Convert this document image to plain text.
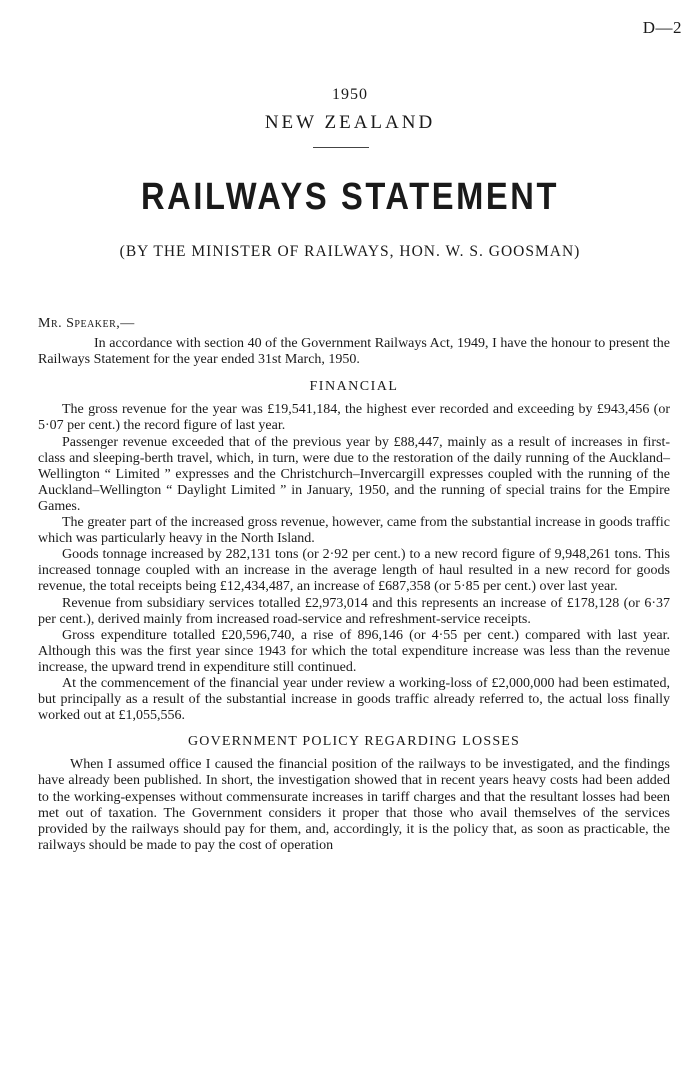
D—2
1950
NEW ZEALAND
RAILWAYS STATEMENT
(BY THE MINISTER OF RAILWAYS, HON. W. S. GOOSMAN)

Mr. Speaker,—

In accordance with section 40 of the Government Railways Act, 1949, I have the honour to present the Railways Statement for the year ended 31st March, 1950.

FINANCIAL

The gross revenue for the year was £19,541,184, the highest ever recorded and exceeding by £943,456 (or 5·07 per cent.) the record figure of last year.

Passenger revenue exceeded that of the previous year by £88,447, mainly as a result of increases in first-class and sleeping-berth travel, which, in turn, were due to the restoration of the daily running of the Auckland–Wellington “ Limited ” expresses and the Christchurch–Invercargill expresses coupled with the running of the Auckland–Wellington “ Daylight Limited ” in January, 1950, and the running of special trains for the Empire Games.

The greater part of the increased gross revenue, however, came from the substantial increase in goods traffic which was particularly heavy in the North Island.

Goods tonnage increased by 282,131 tons (or 2·92 per cent.) to a new record figure of 9,948,261 tons. This increased tonnage coupled with an increase in the average length of haul resulted in a new record for goods revenue, the total receipts being £12,434,487, an increase of £687,358 (or 5·85 per cent.) over last year.

Revenue from subsidiary services totalled £2,973,014 and this represents an increase of £178,128 (or 6·37 per cent.), derived mainly from increased road-service and refreshment-service receipts.

Gross expenditure totalled £20,596,740, a rise of 896,146 (or 4·55 per cent.) compared with last year. Although this was the first year since 1943 for which the total expenditure increase was less than the revenue increase, the upward trend in expenditure still continued.

At the commencement of the financial year under review a working-loss of £2,000,000 had been estimated, but principally as a result of the substantial increase in goods traffic already referred to, the actual loss finally worked out at £1,055,556.

GOVERNMENT POLICY REGARDING LOSSES

When I assumed office I caused the financial position of the railways to be investigated, and the findings have already been published. In short, the investigation showed that in recent years heavy costs had been added to the working-expenses without commensurate increases in tariff charges and that the resultant losses had been met out of taxation. The Government considers it proper that those who avail themselves of the services provided by the railways should pay for them, and, accordingly, it is the policy that, as soon as practicable, the railways should be made to pay the cost of operation
